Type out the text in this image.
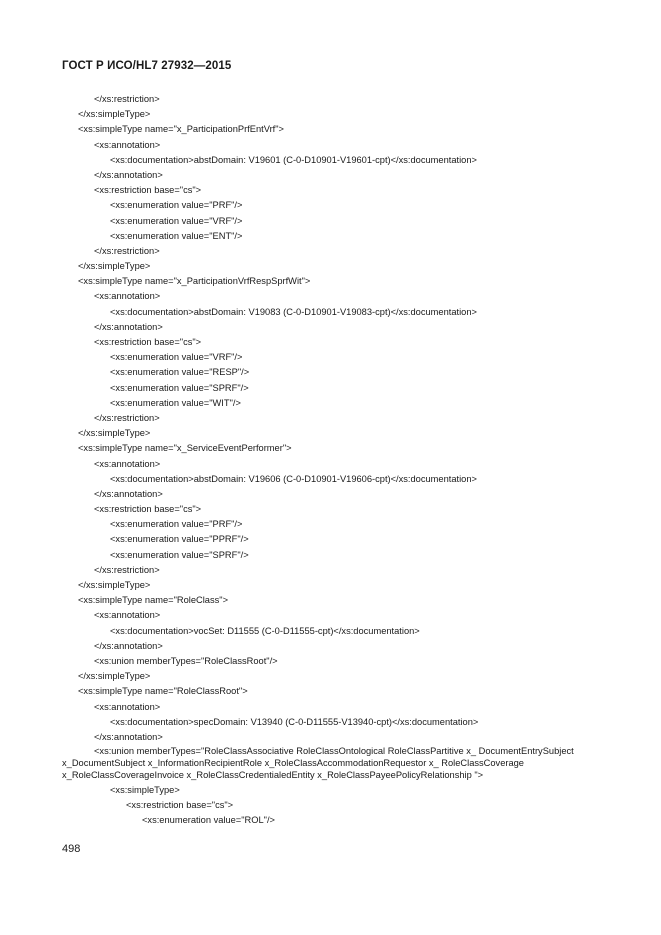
ГОСТ Р ИСО/HL7 27932—2015
</xs:restriction>
</xs:simpleType>
<xs:simpleType name="x_ParticipationPrfEntVrf">
<xs:annotation>
<xs:documentation>abstDomain: V19601 (C-0-D10901-V19601-cpt)</xs:documentation>
</xs:annotation>
<xs:restriction base="cs">
<xs:enumeration value="PRF"/>
<xs:enumeration value="VRF"/>
<xs:enumeration value="ENT"/>
</xs:restriction>
</xs:simpleType>
<xs:simpleType name="x_ParticipationVrfRespSprfWit">
<xs:annotation>
<xs:documentation>abstDomain: V19083 (C-0-D10901-V19083-cpt)</xs:documentation>
</xs:annotation>
<xs:restriction base="cs">
<xs:enumeration value="VRF"/>
<xs:enumeration value="RESP"/>
<xs:enumeration value="SPRF"/>
<xs:enumeration value="WIT"/>
</xs:restriction>
</xs:simpleType>
<xs:simpleType name="x_ServiceEventPerformer">
<xs:annotation>
<xs:documentation>abstDomain: V19606 (C-0-D10901-V19606-cpt)</xs:documentation>
</xs:annotation>
<xs:restriction base="cs">
<xs:enumeration value="PRF"/>
<xs:enumeration value="PPRF"/>
<xs:enumeration value="SPRF"/>
</xs:restriction>
</xs:simpleType>
<xs:simpleType name="RoleClass">
<xs:annotation>
<xs:documentation>vocSet: D11555 (C-0-D11555-cpt)</xs:documentation>
</xs:annotation>
<xs:union memberTypes="RoleClassRoot"/>
</xs:simpleType>
<xs:simpleType name="RoleClassRoot">
<xs:annotation>
<xs:documentation>specDomain: V13940 (C-0-D11555-V13940-cpt)</xs:documentation>
</xs:annotation>
<xs:union memberTypes="RoleClassAssociative RoleClassOntological RoleClassPartitive x_ DocumentEntrySubject x_DocumentSubject x_InformationRecipientRole x_RoleClassAccommodationRequestor x_ RoleClassCoverage x_RoleClassCoverageInvoice x_RoleClassCredentialedEntity x_RoleClassPayeePolicyRelationship ">
<xs:simpleType>
<xs:restriction base="cs">
<xs:enumeration value="ROL"/>

498
